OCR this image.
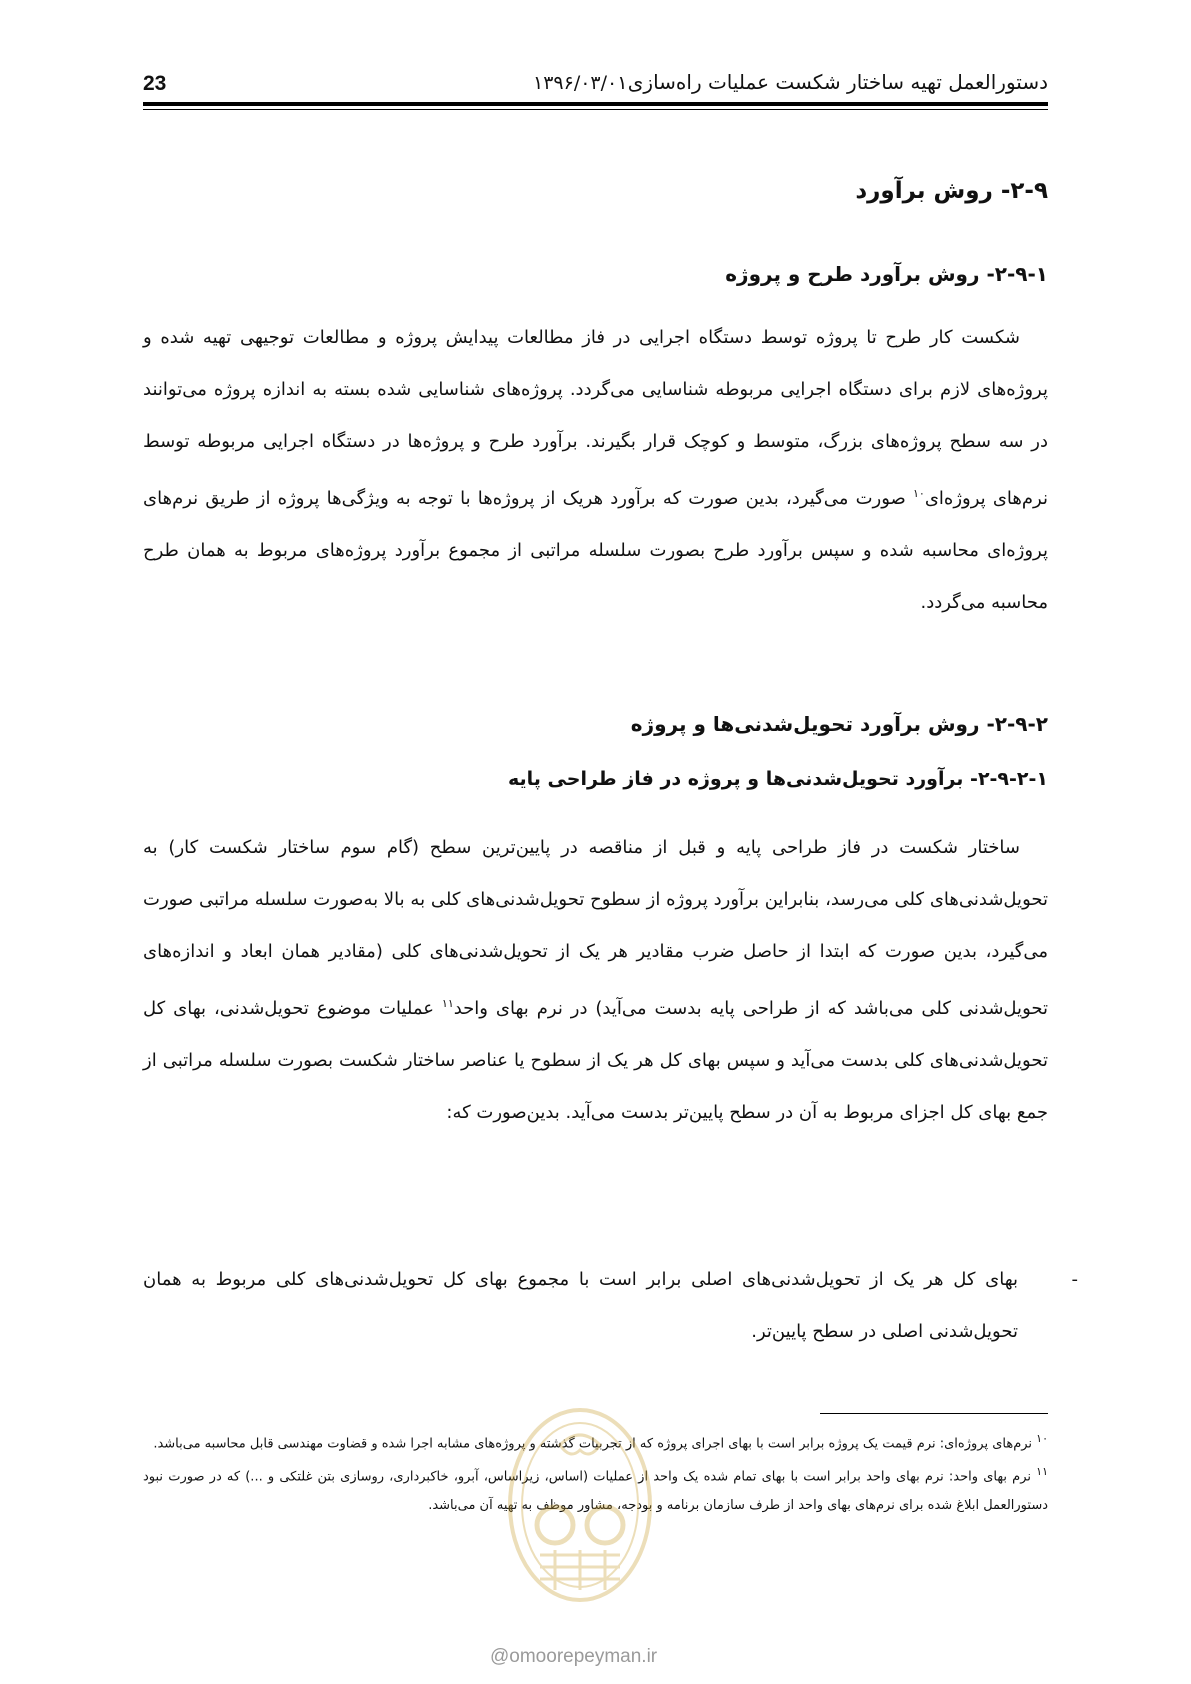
23	۱۳۹۶/۰۳/۰۱ دستورالعمل تهیه ساختار شکست عملیات راه‌سازی
۲-۹- روش برآورد
۲-۹-۱- روش برآورد طرح و پروژه

شکست کار طرح تا پروژه توسط دستگاه اجرایی در فاز مطالعات پیدایش پروژه و مطالعات توجیهی تهیه شده و پروژه‌های لازم برای دستگاه اجرایی مربوطه شناسایی می‌گردد. پروژه‌های شناسایی شده بسته به اندازه پروژه می‌توانند در سه سطح پروژه‌های بزرگ، متوسط و کوچک قرار بگیرند. برآورد طرح و پروژه‌ها در دستگاه اجرایی مربوطه توسط نرم‌های پروژه‌ای$^{۱۰}$ صورت می‌گیرد، بدین صورت که برآورد هریک از پروژه‌ها با توجه به ویژگی‌ها پروژه از طریق نرم‌های پروژه‌ای محاسبه شده و سپس برآورد طرح بصورت سلسله مراتبی از مجموع برآورد پروژه‌های مربوط به همان طرح محاسبه می‌گردد.

۲-۹-۲- روش برآورد تحویل‌شدنی‌ها و پروژه
۲-۹-۲-۱- برآورد تحویل‌شدنی‌ها و پروژه در فاز طراحی پایه

ساختار شکست در فاز طراحی پایه و قبل از مناقصه در پایین‌ترین سطح (گام سوم ساختار شکست کار) به تحویل‌شدنی‌های کلی می‌رسد، بنابراین برآورد پروژه از سطوح تحویل‌شدنی‌های کلی به بالا به‌صورت سلسله مراتبی صورت می‌گیرد، بدین صورت که ابتدا از حاصل ضرب مقادیر هر یک از تحویل‌شدنی‌های کلی (مقادیر همان ابعاد و اندازه‌های تحویل‌شدنی کلی می‌باشد که از طراحی پایه بدست می‌آید) در نرم بهای واحد$^{۱۱}$ عملیات موضوع تحویل‌شدنی، بهای کل تحویل‌شدنی‌های کلی بدست می‌آید و سپس بهای کل هر یک از سطوح یا عناصر ساختار شکست بصورت سلسله مراتبی از جمع بهای کل اجزای مربوط به آن در سطح پایین‌تر بدست می‌آید. بدین‌صورت که:

-
بهای کل هر یک از تحویل‌شدنی‌های اصلی برابر است با مجموع بهای کل تحویل‌شدنی‌های کلی مربوط به همان تحویل‌شدنی اصلی در سطح پایین‌تر.

$^{۱۰}$ نرم‌های پروژه‌ای: نرم قیمت یک پروژه برابر است با بهای اجرای پروژه که از تجربیات گذشته و پروژه‌های مشابه اجرا شده و قضاوت مهندسی قابل محاسبه می‌باشد.

$^{۱۱}$ نرم بهای واحد: نرم بهای واحد برابر است با بهای تمام شده یک واحد از عملیات (اساس، زیراساس، آبرو، خاکبرداری، روسازی بتن غلتکی و ...) که در صورت نبود دستورالعمل ابلاغ شده برای نرم‌های بهای واحد از طرف سازمان برنامه و بودجه، مشاور موظف به تهیه آن می‌باشد.

@omoorepeyman.ir
